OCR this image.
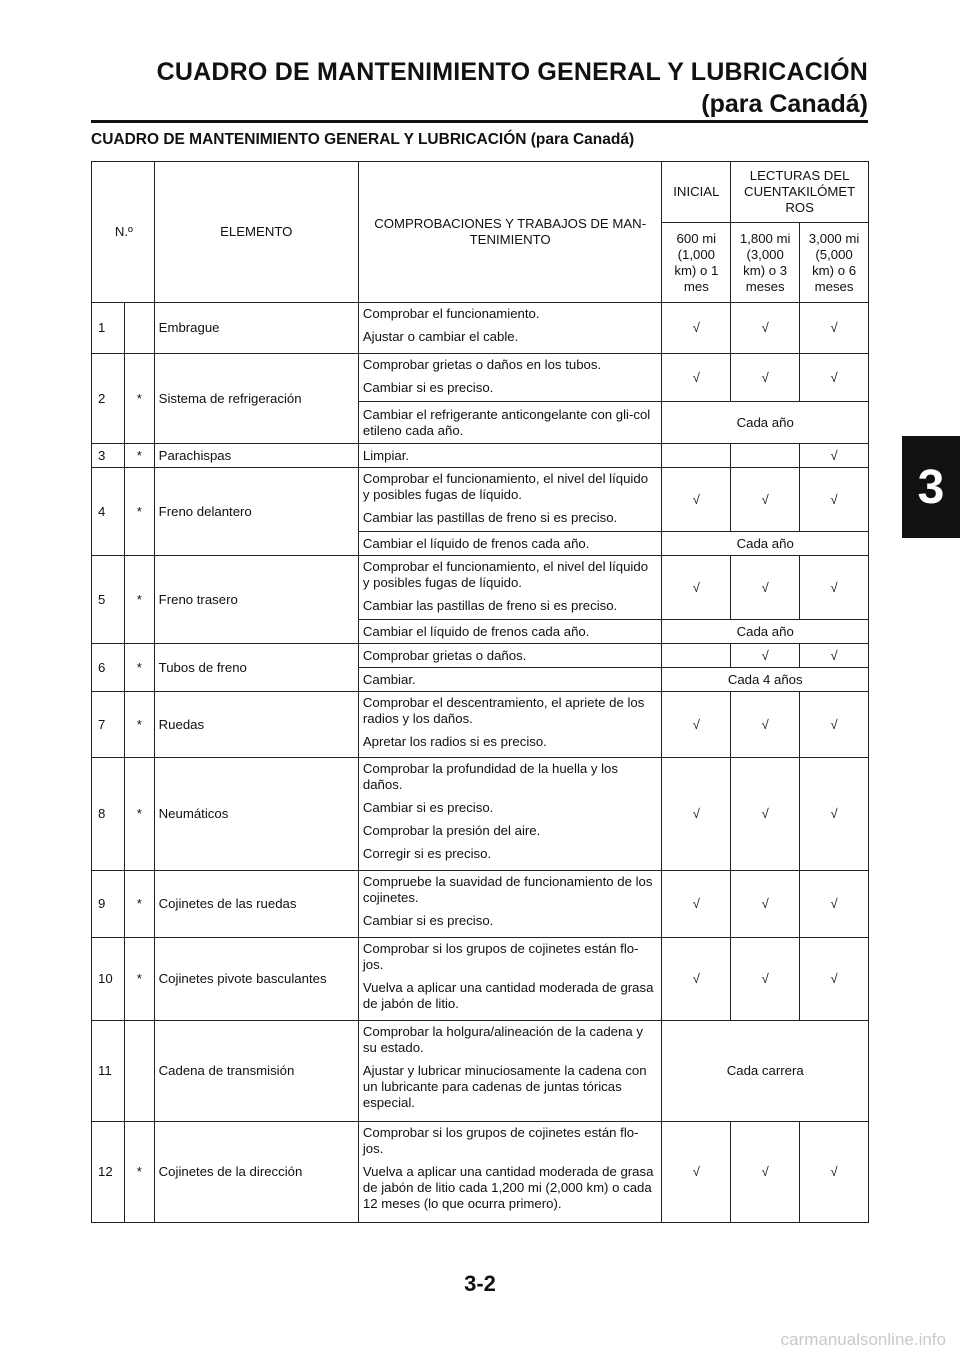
CUADRO DE MANTENIMIENTO GENERAL Y LUBRICACIÓN
(para Canadá)
CUADRO DE MANTENIMIENTO GENERAL Y LUBRICACIÓN (para Canadá)
3
N.º		ELEMENTO	COMPROBACIONES Y TRABAJOS DE MAN-TENIMIENTO	INICIAL	LECTURAS DEL CUENTAKILÓMET ROS	
				600 mi (1,000 km) o 1 mes	1,800 mi (3,000 km) o 3 meses	3,000 mi (5,000 km) o 6 meses
1		Embrague	Comprobar el funcionamiento.

Ajustar o cambiar el cable.	√	√	√
2	*	Sistema de refrigeración	Comprobar grietas o daños en los tubos.

Cambiar si es preciso.	√	√	√
			Cambiar el refrigerante anticongelante con gli-col etileno cada año.	Cada año		
3	*	Parachispas	Limpiar.			√
4	*	Freno delantero	Comprobar el funcionamiento, el nivel del líquido y posibles fugas de líquido.

Cambiar las pastillas de freno si es preciso.	√	√	√
			Cambiar el líquido de frenos cada año.	Cada año		
5	*	Freno trasero	Comprobar el funcionamiento, el nivel del líquido y posibles fugas de líquido.

Cambiar las pastillas de freno si es preciso.	√	√	√
			Cambiar el líquido de frenos cada año.	Cada año		
6	*	Tubos de freno	Comprobar grietas o daños.		√	√
			Cambiar.	Cada 4 años		
7	*	Ruedas	Comprobar el descentramiento, el apriete de los radios y los daños.

Apretar los radios si es preciso.	√	√	√
8	*	Neumáticos	Comprobar la profundidad de la huella y los daños.

Cambiar si es preciso.

Comprobar la presión del aire.

Corregir si es preciso.	√	√	√
9	*	Cojinetes de las ruedas	Compruebe la suavidad de funcionamiento de los cojinetes.

Cambiar si es preciso.	√	√	√
10	*	Cojinetes pivote basculantes	Comprobar si los grupos de cojinetes están flo-jos.

Vuelva a aplicar una cantidad moderada de grasa de jabón de litio.	√	√	√
11		Cadena de transmisión	Comprobar la holgura/alineación de la cadena y su estado.

Ajustar y lubricar minuciosamente la cadena con un lubricante para cadenas de juntas tóricas especial.	Cada carrera		
12	*	Cojinetes de la dirección	Comprobar si los grupos de cojinetes están flo-jos.

Vuelva a aplicar una cantidad moderada de grasa de jabón de litio cada 1,200 mi (2,000 km) o cada 12 meses (lo que ocurra primero).	√	√	√
3-2
carmanualsonline.info
